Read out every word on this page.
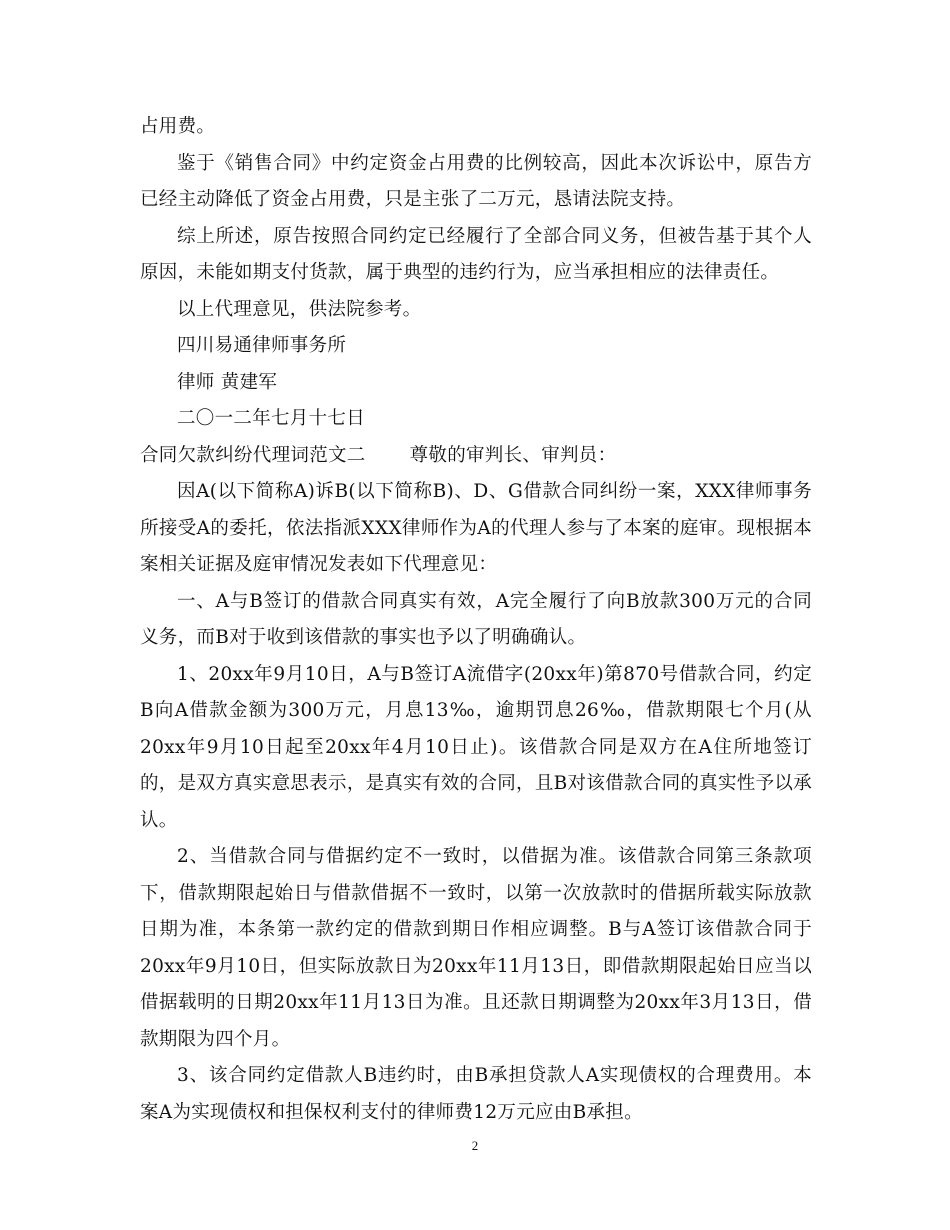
占用费。

鉴于《销售合同》中约定资金占用费的比例较高，因此本次诉讼中，原告方已经主动降低了资金占用费，只是主张了二万元，恳请法院支持。

综上所述，原告按照合同约定已经履行了全部合同义务，但被告基于其个人原因，未能如期支付货款，属于典型的违约行为，应当承担相应的法律责任。

以上代理意见，供法院参考。

四川易通律师事务所

律师 黄建军

二〇一二年七月十七日

合同欠款纠纷代理词范文二 尊敬的审判长、审判员：

因A(以下简称A)诉B(以下简称B)、D、G借款合同纠纷一案，XXX律师事务所接受A的委托，依法指派XXX律师作为A的代理人参与了本案的庭审。现根据本案相关证据及庭审情况发表如下代理意见：

一、A与B签订的借款合同真实有效，A完全履行了向B放款300万元的合同义务，而B对于收到该借款的事实也予以了明确确认。

1、20xx年9月10日，A与B签订A流借字(20xx年)第870号借款合同，约定B向A借款金额为300万元，月息13‰，逾期罚息26‰，借款期限七个月(从20xx年9月10日起至20xx年4月10日止)。该借款合同是双方在A住所地签订的，是双方真实意思表示，是真实有效的合同，且B对该借款合同的真实性予以承认。

2、当借款合同与借据约定不一致时，以借据为准。该借款合同第三条款项下，借款期限起始日与借款借据不一致时，以第一次放款时的借据所载实际放款日期为准，本条第一款约定的借款到期日作相应调整。B与A签订该借款合同于20xx年9月10日，但实际放款日为20xx年11月13日，即借款期限起始日应当以借据载明的日期20xx年11月13日为准。且还款日期调整为20xx年3月13日，借款期限为四个月。

3、该合同约定借款人B违约时，由B承担贷款人A实现债权的合理费用。本案A为实现债权和担保权利支付的律师费12万元应由B承担。

2
